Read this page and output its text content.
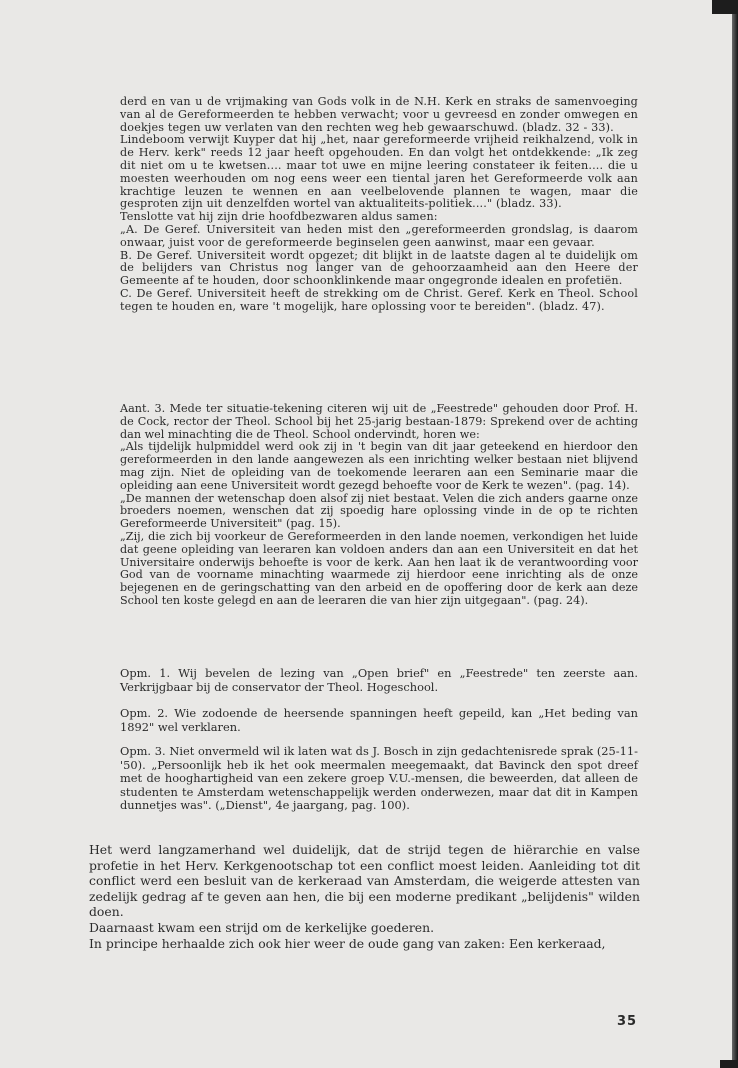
derd en van u de vrijmaking van Gods volk in de N.H. Kerk en straks de samenvoeging van al de Gereformeerden te hebben verwacht; voor u gevreesd en zonder omwegen en doekjes tegen uw verlaten van den rechten weg heb gewaarschuwd. (bladz. 32 - 33).

Lindeboom verwijt Kuyper dat hij „het, naar gereformeerde vrijheid reikhalzend, volk in de Herv. kerk" reeds 12 jaar heeft opgehouden. En dan volgt het ontdekkende: „Ik zeg dit niet om u te kwetsen.... maar tot uwe en mijne leering constateer ik feiten.... die u moesten weerhouden om nog eens weer een tiental jaren het Gereformeerde volk aan krachtige leuzen te wennen en aan veelbelovende plannen te wagen, maar die gesproten zijn uit denzelfden wortel van aktualiteits-politiek...." (bladz. 33).

Tenslotte vat hij zijn drie hoofdbezwaren aldus samen:

„A. De Geref. Universiteit van heden mist den „gereformeerden grondslag, is daarom onwaar, juist voor de gereformeerde beginselen geen aanwinst, maar een gevaar.

B. De Geref. Universiteit wordt opgezet; dit blijkt in de laatste dagen al te duidelijk om de belijders van Christus nog langer van de gehoorzaamheid aan den Heere der Gemeente af te houden, door schoonklinkende maar ongegronde idealen en profetiën.

C. De Geref. Universiteit heeft de strekking om de Christ. Geref. Kerk en Theol. School tegen te houden en, ware 't mogelijk, hare oplossing voor te bereiden". (bladz. 47).

Aant. 3. Mede ter situatie-tekening citeren wij uit de „Feestrede" gehouden door Prof. H. de Cock, rector der Theol. School bij het 25-jarig bestaan-1879: Sprekend over de achting dan wel minachting die de Theol. School ondervindt, horen we:

„Als tijdelijk hulpmiddel werd ook zij in 't begin van dit jaar geteekend en hierdoor den gereformeerden in den lande aangewezen als een inrichting welker bestaan niet blijvend mag zijn. Niet de opleiding van de toekomende leeraren aan een Seminarie maar die opleiding aan eene Universiteit wordt gezegd behoefte voor de Kerk te wezen". (pag. 14).

„De mannen der wetenschap doen alsof zij niet bestaat. Velen die zich anders gaarne onze broeders noemen, wenschen dat zij spoedig hare oplossing vinde in de op te richten Gereformeerde Universiteit" (pag. 15).

„Zij, die zich bij voorkeur de Gereformeerden in den lande noemen, verkondigen het luide dat geene opleiding van leeraren kan voldoen anders dan aan een Universiteit en dat het Universitaire onderwijs behoefte is voor de kerk. Aan hen laat ik de verantwoording voor God van de voorname minachting waarmede zij hierdoor eene inrichting als de onze bejegenen en de geringschatting van den arbeid en de opoffering door de kerk aan deze School ten koste gelegd en aan de leeraren die van hier zijn uitgegaan". (pag. 24).

Opm. 1. Wij bevelen de lezing van „Open brief" en „Feestrede" ten zeerste aan. Verkrijgbaar bij de conservator der Theol. Hogeschool.

Opm. 2. Wie zodoende de heersende spanningen heeft gepeild, kan „Het beding van 1892" wel verklaren.

Opm. 3. Niet onvermeld wil ik laten wat ds J. Bosch in zijn gedachtenisrede sprak (25-11-'50). „Persoonlijk heb ik het ook meermalen meegemaakt, dat Bavinck den spot dreef met de hooghartigheid van een zekere groep V.U.-mensen, die beweerden, dat alleen de studenten te Amsterdam wetenschappelijk werden onderwezen, maar dat dit in Kampen dunnetjes was". („Dienst", 4e jaargang, pag. 100).

Het werd langzamerhand wel duidelijk, dat de strijd tegen de hiërarchie en valse profetie in het Herv. Kerkgenootschap tot een conflict moest leiden. Aanleiding tot dit conflict werd een besluit van de kerkeraad van Amsterdam, die weigerde attesten van zedelijk gedrag af te geven aan hen, die bij een moderne predikant „belijdenis" wilden doen.

Daarnaast kwam een strijd om de kerkelijke goederen.

In principe herhaalde zich ook hier weer de oude gang van zaken: Een kerkeraad,

35
